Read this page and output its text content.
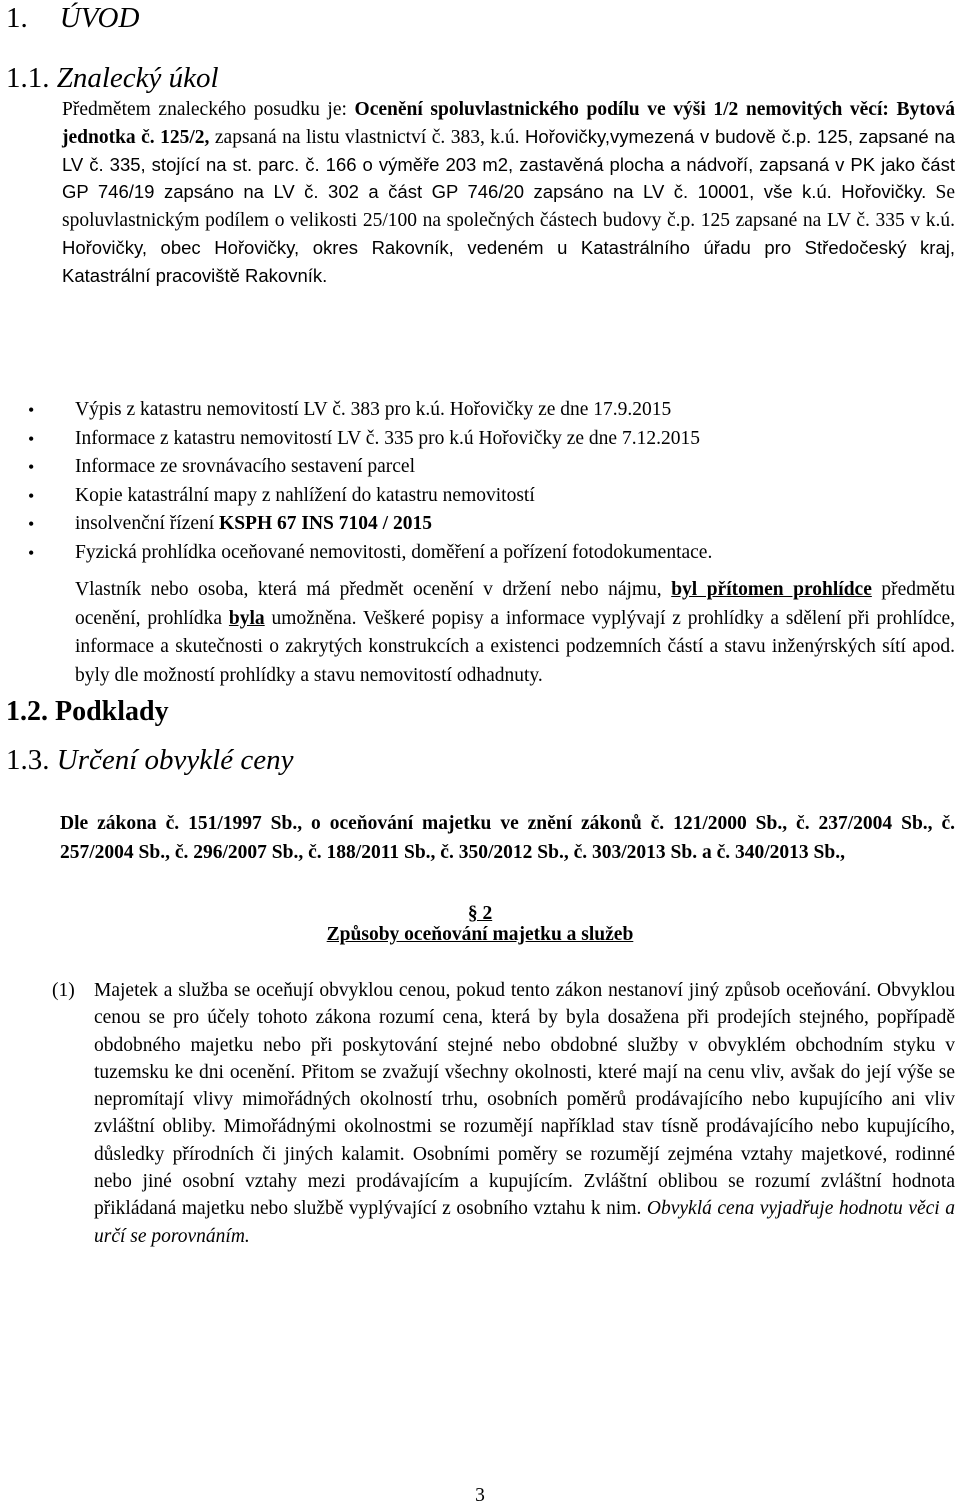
1. ÚVOD
1.1. Znalecký úkol
Předmětem znaleckého posudku je: Ocenění spoluvlastnického podílu ve výši 1/2 nemovitých věcí: Bytová jednotka č. 125/2, zapsaná na listu vlastnictví č. 383, k.ú. Hořovičky,vymezená v budově č.p. 125, zapsané na LV č. 335, stojící na st. parc. č. 166 o výměře 203 m2, zastavěná plocha a nádvoří, zapsaná v PK jako část GP 746/19 zapsáno na LV č. 302 a část GP 746/20 zapsáno na LV č. 10001, vše k.ú. Hořovičky. Se spoluvlastnickým podílem o velikosti 25/100 na společných částech budovy č.p. 125 zapsané na LV č. 335 v k.ú. Hořovičky, obec Hořovičky, okres Rakovník, vedeném u Katastrálního úřadu pro Středočeský kraj, Katastrální pracoviště Rakovník.
1.2. Podklady
• Výpis z katastru nemovitostí LV č. 383 pro k.ú. Hořovičky ze dne 17.9.2015
• Informace z katastru nemovitostí LV č. 335 pro k.ú Hořovičky ze dne 7.12.2015
• Informace ze srovnávacího sestavení parcel
• Kopie katastrální mapy z nahlížení do katastru nemovitostí
• insolvenční řízení KSPH 67 INS 7104 / 2015
• Fyzická prohlídka oceňované nemovitosti, doměření a pořízení fotodokumentace.
Vlastník nebo osoba, která má předmět ocenění v držení nebo nájmu, byl přítomen prohlídce předmětu ocenění, prohlídka byla umožněna. Veškeré popisy a informace vyplývají z prohlídky a sdělení při prohlídce, informace a skutečnosti o zakrytých konstrukcích a existenci podzemních částí a stavu inženýrských sítí apod. byly dle možností prohlídky a stavu nemovitostí odhadnuty.
1.3. Určení obvyklé ceny
Dle zákona č. 151/1997 Sb., o oceňování majetku ve znění zákonů č. 121/2000 Sb., č. 237/2004 Sb., č. 257/2004 Sb., č. 296/2007 Sb., č. 188/2011 Sb., č. 350/2012 Sb., č. 303/2013 Sb. a č. 340/2013 Sb.,
§ 2
Způsoby oceňování majetku a služeb
(1) Majetek a služba se oceňují obvyklou cenou, pokud tento zákon nestanoví jiný způsob oceňování. Obvyklou cenou se pro účely tohoto zákona rozumí cena, která by byla dosažena při prodejích stejného, popřípadě obdobného majetku nebo při poskytování stejné nebo obdobné služby v obvyklém obchodním styku v tuzemsku ke dni ocenění. Přitom se zvažují všechny okolnosti, které mají na cenu vliv, avšak do její výše se nepromítají vlivy mimořádných okolností trhu, osobních poměrů prodávajícího nebo kupujícího ani vliv zvláštní obliby. Mimořádnými okolnostmi se rozumějí například stav tísně prodávajícího nebo kupujícího, důsledky přírodních či jiných kalamit. Osobními poměry se rozumějí zejména vztahy majetkové, rodinné nebo jiné osobní vztahy mezi prodávajícím a kupujícím. Zvláštní oblibou se rozumí zvláštní hodnota přikládaná majetku nebo službě vyplývající z osobního vztahu k nim. Obvyklá cena vyjadřuje hodnotu věci a určí se porovnáním.
3
